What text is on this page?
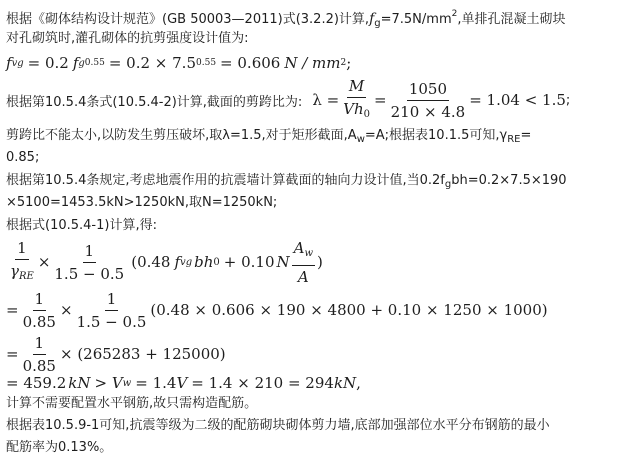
根据《砌体结构设计规范》(GB 50003—2011)式(3.2.2)计算$,f_g=7.5N/mm^2$,单排孔混凝土砌块
对孔砌筑时,灌孔砌体的抗剪强度设计值为:
f vg = 0.2 f g 0.55 = 0.2 × 7.5 0.55 = 0.606 N / mm 2 ;
根据第10.5.4条式(10.5.4-2)计算,截面的剪跨比为: $\lambda = \frac{M}{Vh_0} = \frac{1050}{210 \times 4.8} = 1.04 < 1.5$ ;
剪跨比不能太小,以防发生剪压破坏,取λ=1.5,对于矩形截面$,A_w=A$;根据表10.1.5可知$,\gamma_{RE}=$
0.85;
根据第10.5.4条规定,考虑地震作用的抗震墙计算截面的轴向力设计值,当$0.2f_gbh=0.2\times 7.5\times 190$
×5100=1453.5kN>1250kN,取N=1250kN;
根据式(10.5.4-1)计算,得:
$\frac{1}{\gamma_{RE}} \times \frac{1}{1.5 - 0.5} (0.48$ f vg bh 0 + 0.10 N $\frac{A_w}{A}$ )
= $\frac{1}{0.85} \times \frac{1}{1.5 - 0.5} (0.48 \times 0.606 \times 190 \times 4800 + 0.10 \times 1250 \times 1000)$
= $\frac{1}{0.85} \times (265283 + 125000)$
= 459.2 kN > V w = 1.4 V = 1.4 × 210 = 294 kN ,
计算不需要配置水平钢筋,故只需构造配筋。
根据表10.5.9-1可知,抗震等级为二级的配筋砌块砌体剪力墙,底部加强部位水平分布钢筋的最小
配筋率为0.13%。
